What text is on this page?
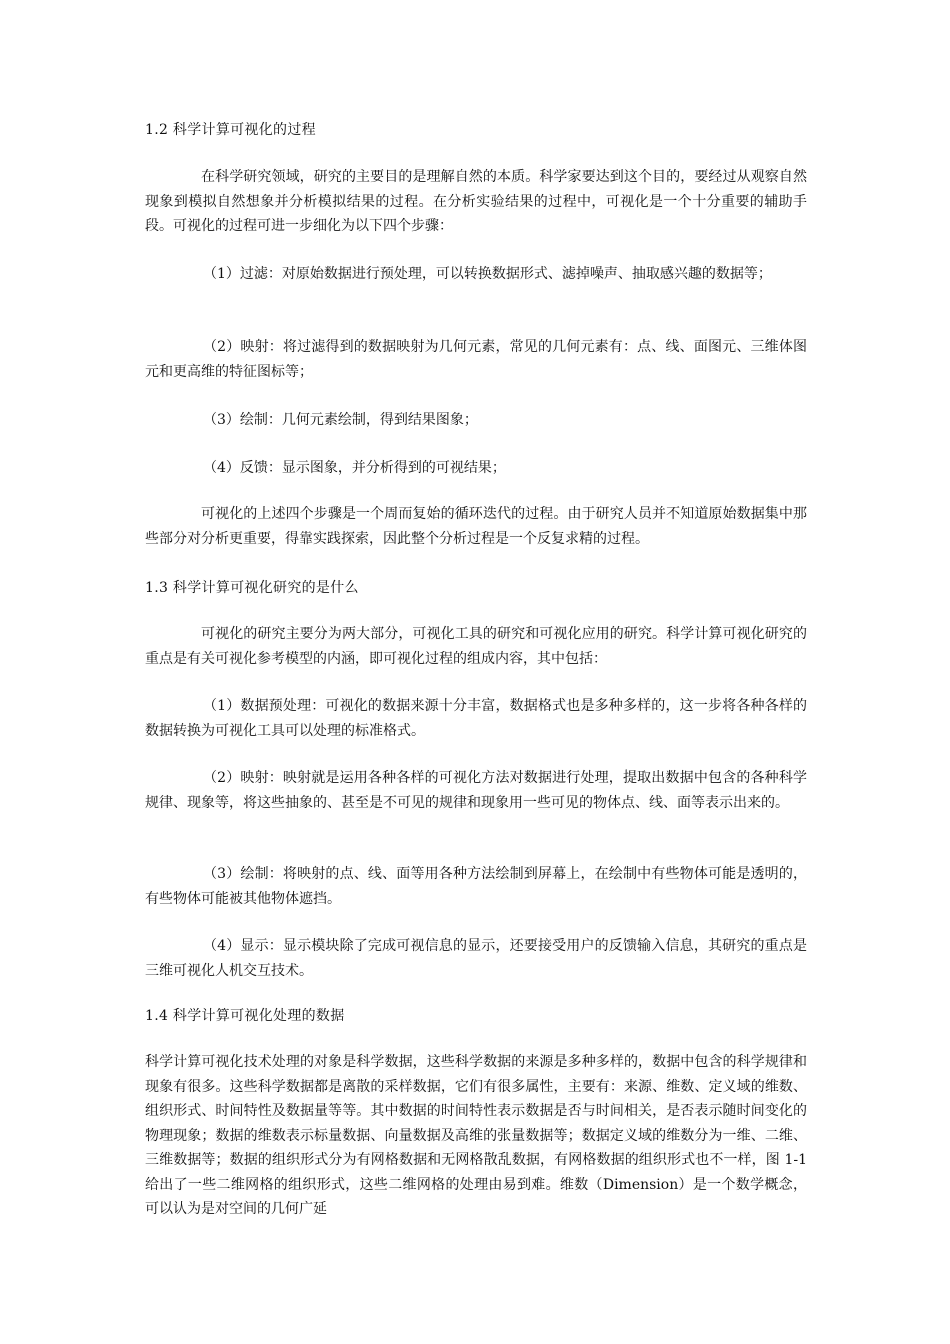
1.2 科学计算可视化的过程

在科学研究领域，研究的主要目的是理解自然的本质。科学家要达到这个目的，要经过从观察自然现象到模拟自然想象并分析模拟结果的过程。在分析实验结果的过程中，可视化是一个十分重要的辅助手段。可视化的过程可进一步细化为以下四个步骤：

（1）过滤：对原始数据进行预处理，可以转换数据形式、滤掉噪声、抽取感兴趣的数据等；

（2）映射：将过滤得到的数据映射为几何元素，常见的几何元素有：点、线、面图元、三维体图元和更高维的特征图标等；

（3）绘制：几何元素绘制，得到结果图象；

（4）反馈：显示图象，并分析得到的可视结果；

可视化的上述四个步骤是一个周而复始的循环迭代的过程。由于研究人员并不知道原始数据集中那些部分对分析更重要，得靠实践探索，因此整个分析过程是一个反复求精的过程。

1.3 科学计算可视化研究的是什么

可视化的研究主要分为两大部分，可视化工具的研究和可视化应用的研究。科学计算可视化研究的重点是有关可视化参考模型的内涵，即可视化过程的组成内容，其中包括：

（1）数据预处理：可视化的数据来源十分丰富，数据格式也是多种多样的，这一步将各种各样的数据转换为可视化工具可以处理的标准格式。

（2）映射：映射就是运用各种各样的可视化方法对数据进行处理，提取出数据中包含的各种科学规律、现象等，将这些抽象的、甚至是不可见的规律和现象用一些可见的物体点、线、面等表示出来的。

（3）绘制：将映射的点、线、面等用各种方法绘制到屏幕上，在绘制中有些物体可能是透明的，有些物体可能被其他物体遮挡。

（4）显示：显示模块除了完成可视信息的显示，还要接受用户的反馈输入信息，其研究的重点是三维可视化人机交互技术。

1.4 科学计算可视化处理的数据

科学计算可视化技术处理的对象是科学数据，这些科学数据的来源是多种多样的，数据中包含的科学规律和现象有很多。这些科学数据都是离散的采样数据，它们有很多属性，主要有：来源、维数、定义域的维数、组织形式、时间特性及数据量等等。其中数据的时间特性表示数据是否与时间相关，是否表示随时间变化的物理现象；数据的维数表示标量数据、向量数据及高维的张量数据等；数据定义域的维数分为一维、二维、三维数据等；数据的组织形式分为有网格数据和无网格散乱数据，有网格数据的组织形式也不一样，图 1-1 给出了一些二维网格的组织形式，这些二维网格的处理由易到难。维数（Dimension）是一个数学概念， 可以认为是对空间的几何广延
